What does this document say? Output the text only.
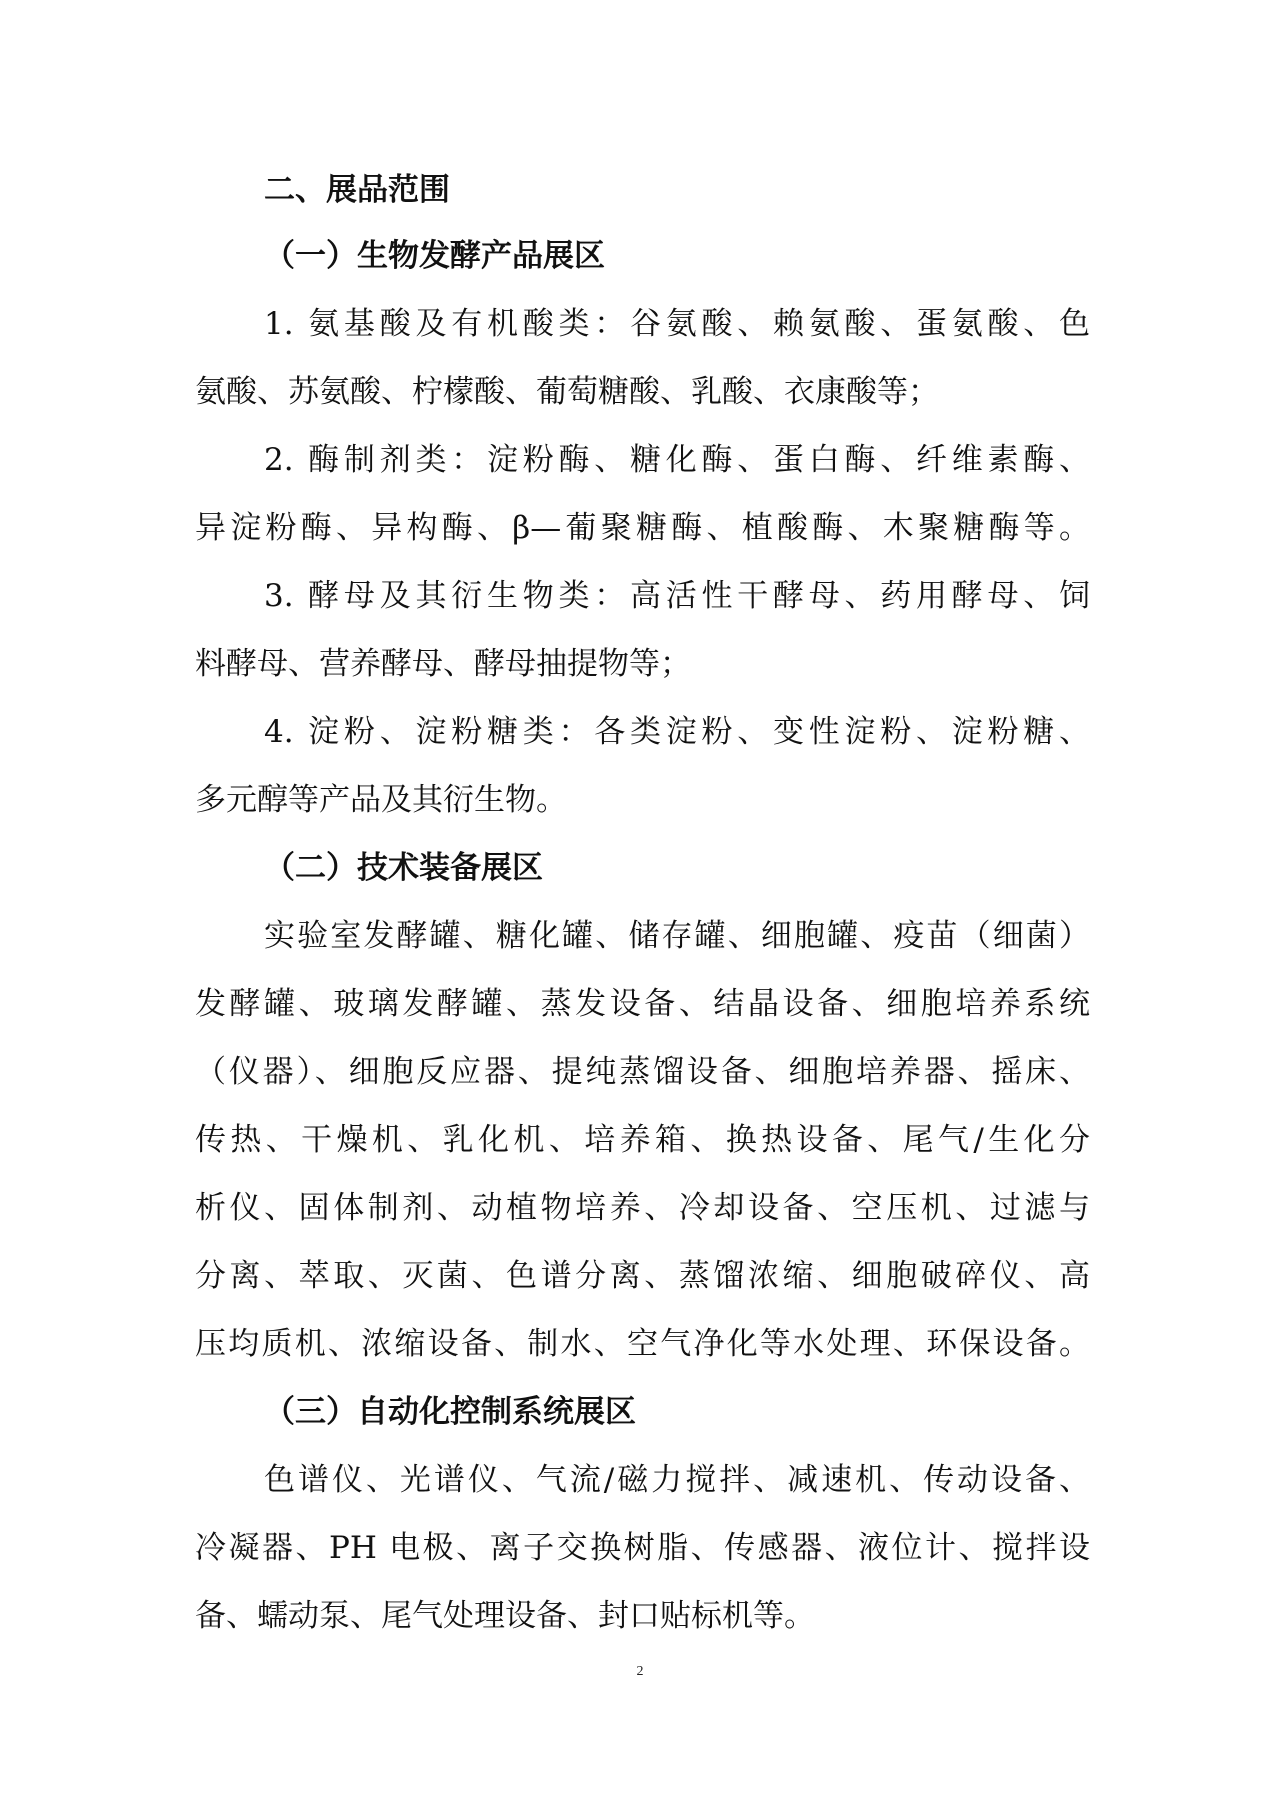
二、展品范围

（一）生物发酵产品展区

1. 氨基酸及有机酸类：谷氨酸、赖氨酸、蛋氨酸、色

氨酸、苏氨酸、柠檬酸、葡萄糖酸、乳酸、衣康酸等；

2. 酶制剂类：淀粉酶、糖化酶、蛋白酶、纤维素酶、

异淀粉酶、异构酶、β—葡聚糖酶、植酸酶、木聚糖酶等。

3. 酵母及其衍生物类：高活性干酵母、药用酵母、饲

料酵母、营养酵母、酵母抽提物等；

4. 淀粉、淀粉糖类：各类淀粉、变性淀粉、淀粉糖、

多元醇等产品及其衍生物。

（二）技术装备展区

实验室发酵罐、糖化罐、储存罐、细胞罐、疫苗（细菌）

发酵罐、玻璃发酵罐、蒸发设备、结晶设备、细胞培养系统

（仪器）、细胞反应器、提纯蒸馏设备、细胞培养器、摇床、

传热、干燥机、乳化机、培养箱、换热设备、尾气/生化分

析仪、固体制剂、动植物培养、冷却设备、空压机、过滤与

分离、萃取、灭菌、色谱分离、蒸馏浓缩、细胞破碎仪、高

压均质机、浓缩设备、制水、空气净化等水处理、环保设备。

（三）自动化控制系统展区

色谱仪、光谱仪、气流/磁力搅拌、减速机、传动设备、

冷凝器、PH 电极、离子交换树脂、传感器、液位计、搅拌设

备、蠕动泵、尾气处理设备、封口贴标机等。

2
